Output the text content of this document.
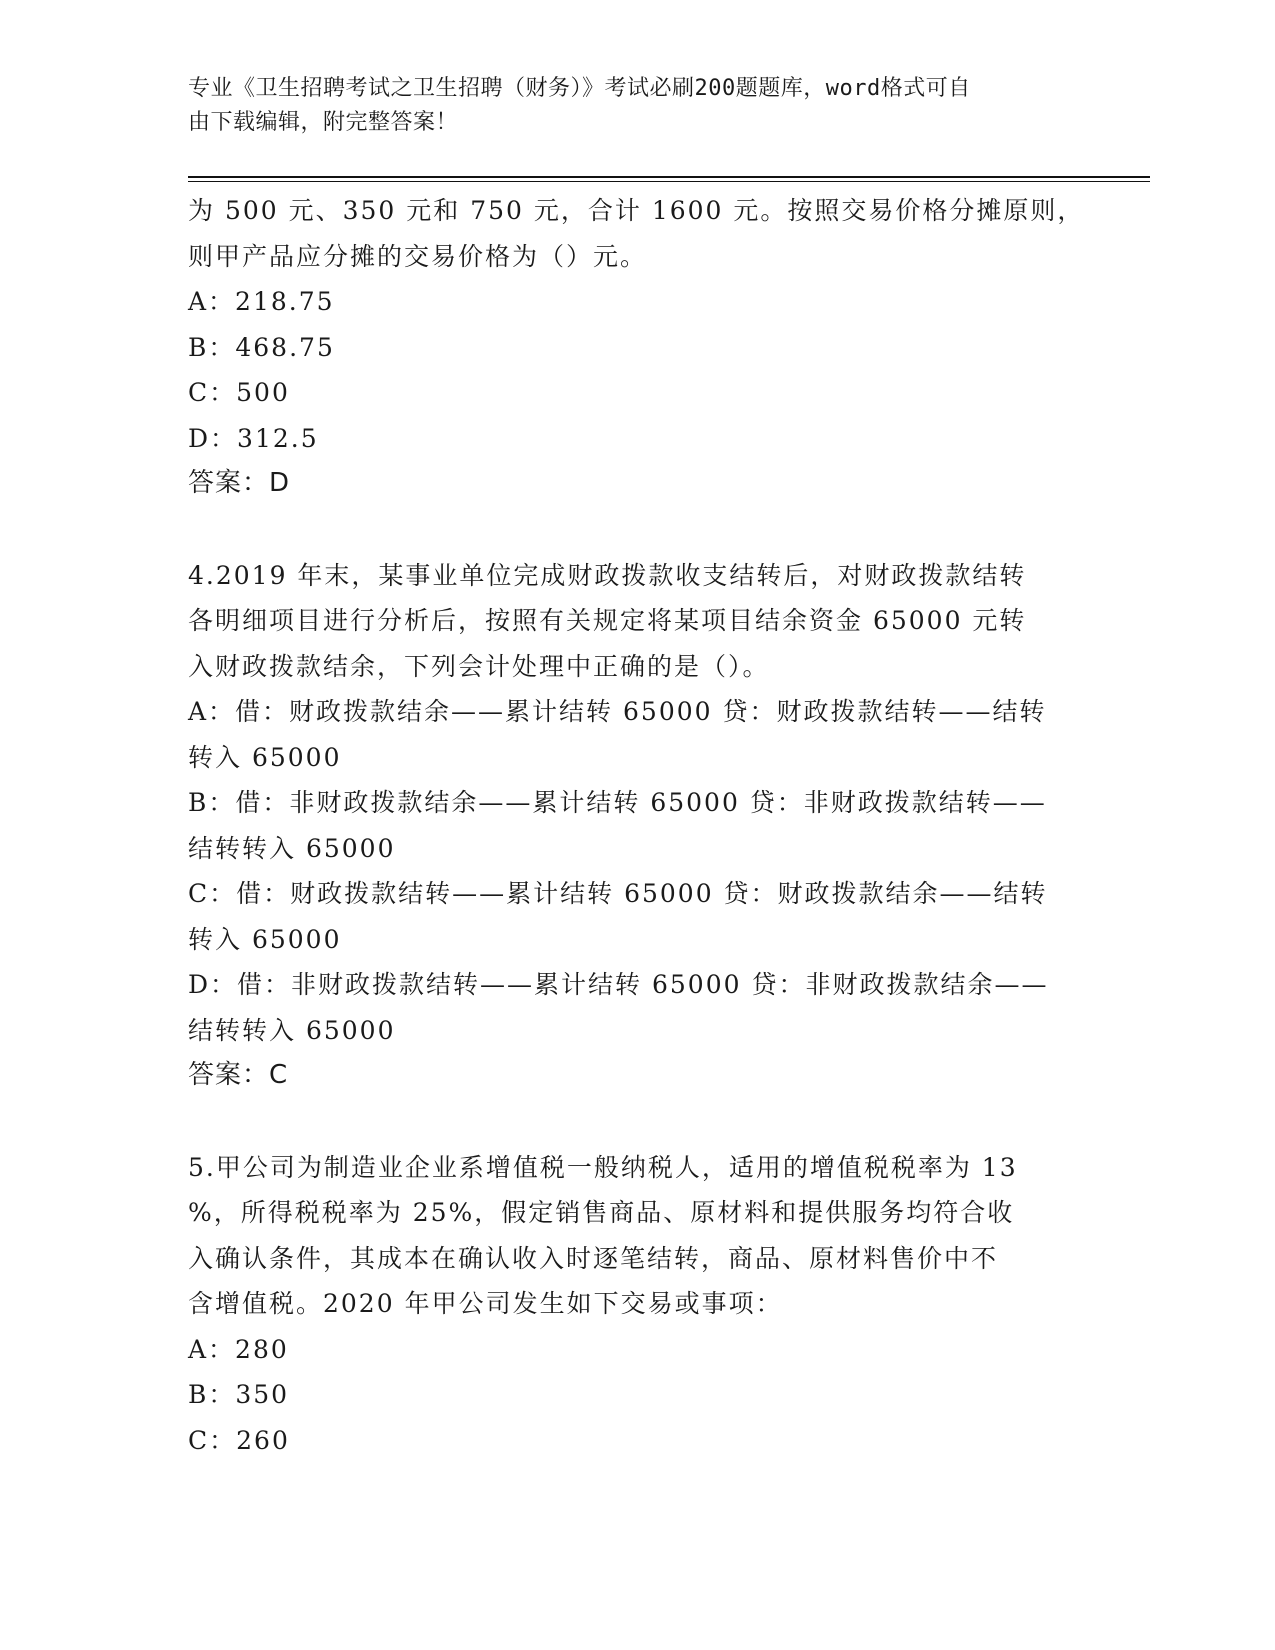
专业《卫生招聘考试之卫生招聘（财务）》考试必刷200题题库，word格式可自
由下载编辑，附完整答案！
为 500 元、350 元和 750 元，合计 1600 元。按照交易价格分摊原则，
则甲产品应分摊的交易价格为（）元。
A：218.75
B：468.75
C：500
D：312.5
答案：D
4.2019 年末，某事业单位完成财政拨款收支结转后，对财政拨款结转
各明细项目进行分析后，按照有关规定将某项目结余资金 65000 元转
入财政拨款结余，下列会计处理中正确的是（）。
A：借：财政拨款结余——累计结转 65000 贷：财政拨款结转——结转
转入 65000
B：借：非财政拨款结余——累计结转 65000 贷：非财政拨款结转——
结转转入 65000
C：借：财政拨款结转——累计结转 65000 贷：财政拨款结余——结转
转入 65000
D：借：非财政拨款结转——累计结转 65000 贷：非财政拨款结余——
结转转入 65000
答案：C
5.甲公司为制造业企业系增值税一般纳税人，适用的增值税税率为 13
%，所得税税率为 25%，假定销售商品、原材料和提供服务均符合收
入确认条件，其成本在确认收入时逐笔结转，商品、原材料售价中不
含增值税。2020 年甲公司发生如下交易或事项：
A：280
B：350
C：260
